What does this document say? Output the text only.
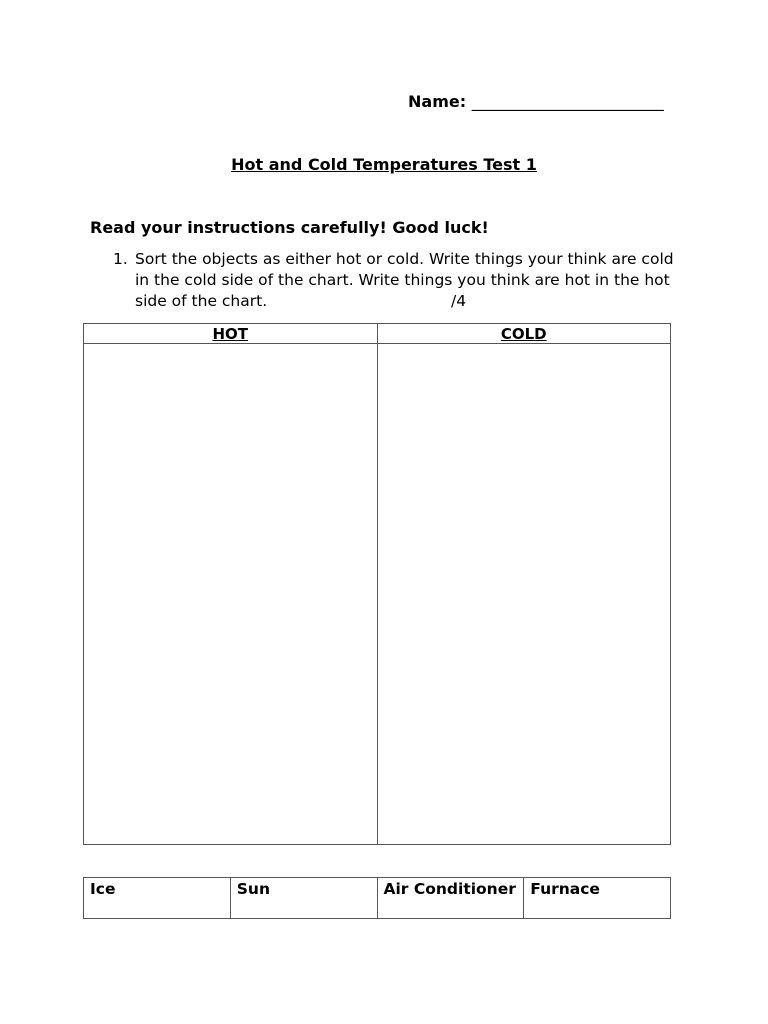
Name: ________________________
Hot and Cold Temperatures Test 1
Read your instructions carefully! Good luck!
1. Sort the objects as either hot or cold. Write things your think are cold in the cold side of the chart. Write things you think are hot in the hot side of the chart.	/4
HOT	COLD

Ice	Sun	Air Conditioner	Furnace
